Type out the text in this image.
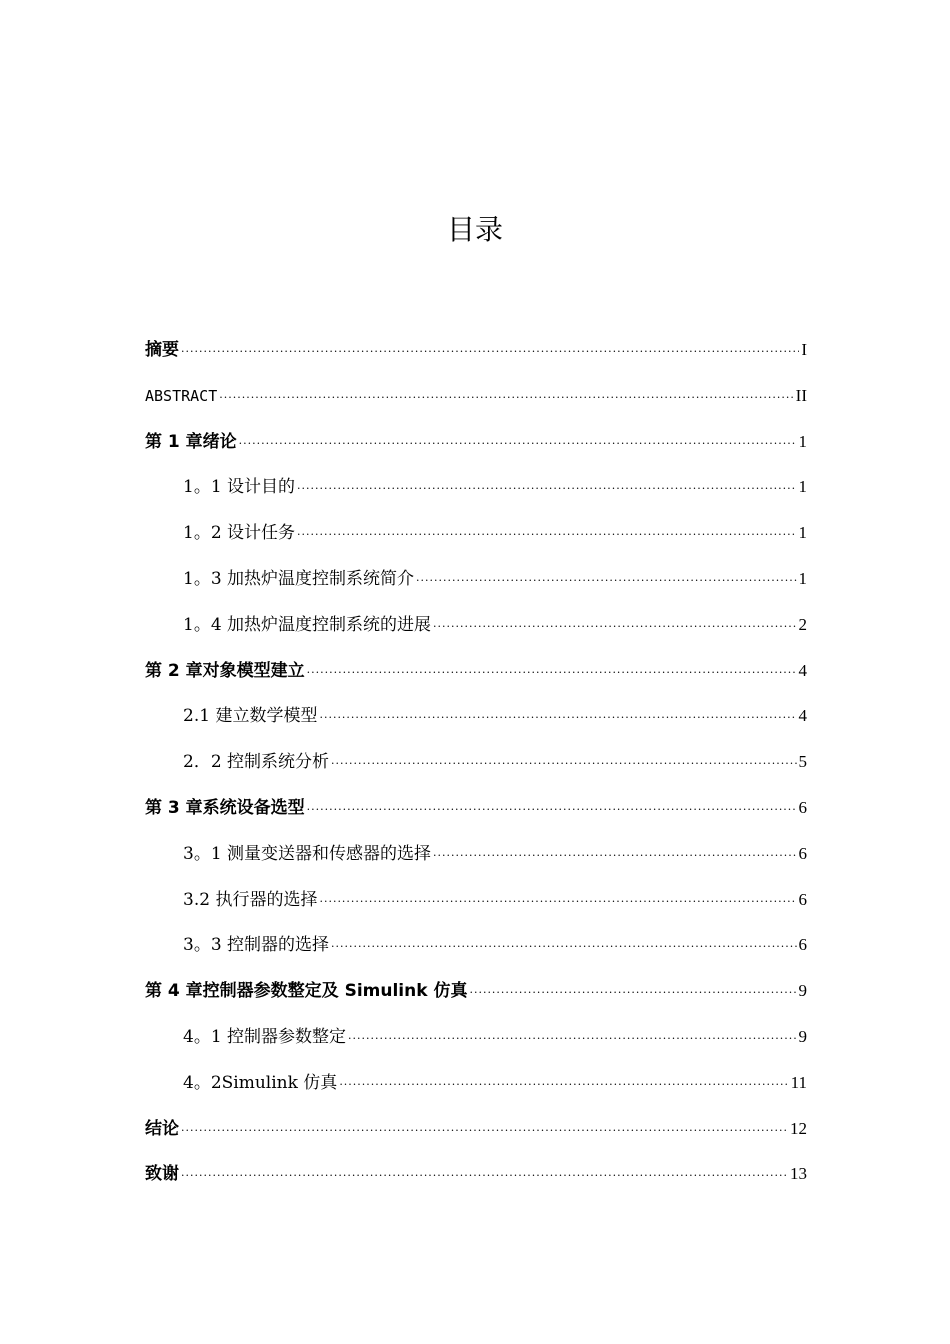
目录
摘要 ·····	I
ABSTRACT ·····	II
第 1 章绪论 ·····	1
1。1 设计目的 ·····	1
1。2 设计任务 ·····	1
1。3 加热炉温度控制系统简介 ·····	1
1。4 加热炉温度控制系统的进展 ·····	2
第 2 章对象模型建立 ·····	4
2.1 建立数学模型 ·····	4
2．2 控制系统分析 ·····	5
第 3 章系统设备选型 ·····	6
3。1 测量变送器和传感器的选择 ·····	6
3.2 执行器的选择 ·····	6
3。3 控制器的选择 ·····	6
第 4 章控制器参数整定及 Simulink 仿真 ·····	9
4。1 控制器参数整定 ·····	9
4。2Simulink 仿真 ·····	11
结论 ·····	12
致谢 ·····	13
